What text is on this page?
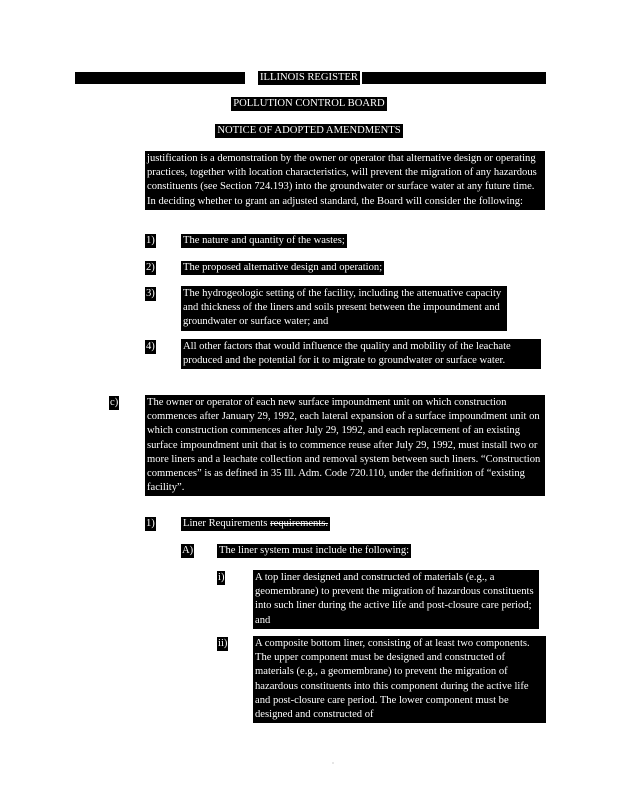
ILLINOIS REGISTER
POLLUTION CONTROL BOARD
NOTICE OF ADOPTED AMENDMENTS
justification is a demonstration by the owner or operator that alternative design or operating practices, together with location characteristics, will prevent the migration of any hazardous constituents (see Section 724.193) into the groundwater or surface water at any future time. In deciding whether to grant an adjusted standard, the Board will consider the following:
1)	The nature and quantity of the wastes;
2)	The proposed alternative design and operation;
3)	The hydrogeologic setting of the facility, including the attenuative capacity and thickness of the liners and soils present between the impoundment and groundwater or surface water; and
4)	All other factors that would influence the quality and mobility of the leachate produced and the potential for it to migrate to groundwater or surface water.
c)	The owner or operator of each new surface impoundment unit on which construction commences after January 29, 1992, each lateral expansion of a surface impoundment unit on which construction commences after July 29, 1992, and each replacement of an existing surface impoundment unit that is to commence reuse after July 29, 1992, must install two or more liners and a leachate collection and removal system between such liners. “Construction commences” is as defined in 35 Ill. Adm. Code 720.110, under the definition of “existing facility”.
1)	Liner Requirements requirements.
A) The liner system must include the following:
i)	A top liner designed and constructed of materials (e.g., a geomembrane) to prevent the migration of hazardous constituents into such liner during the active life and post-closure care period; and
ii)	A composite bottom liner, consisting of at least two components. The upper component must be designed and constructed of materials (e.g., a geomembrane) to prevent the migration of hazardous constituents into this component during the active life and post-closure care period. The lower component must be designed and constructed of
